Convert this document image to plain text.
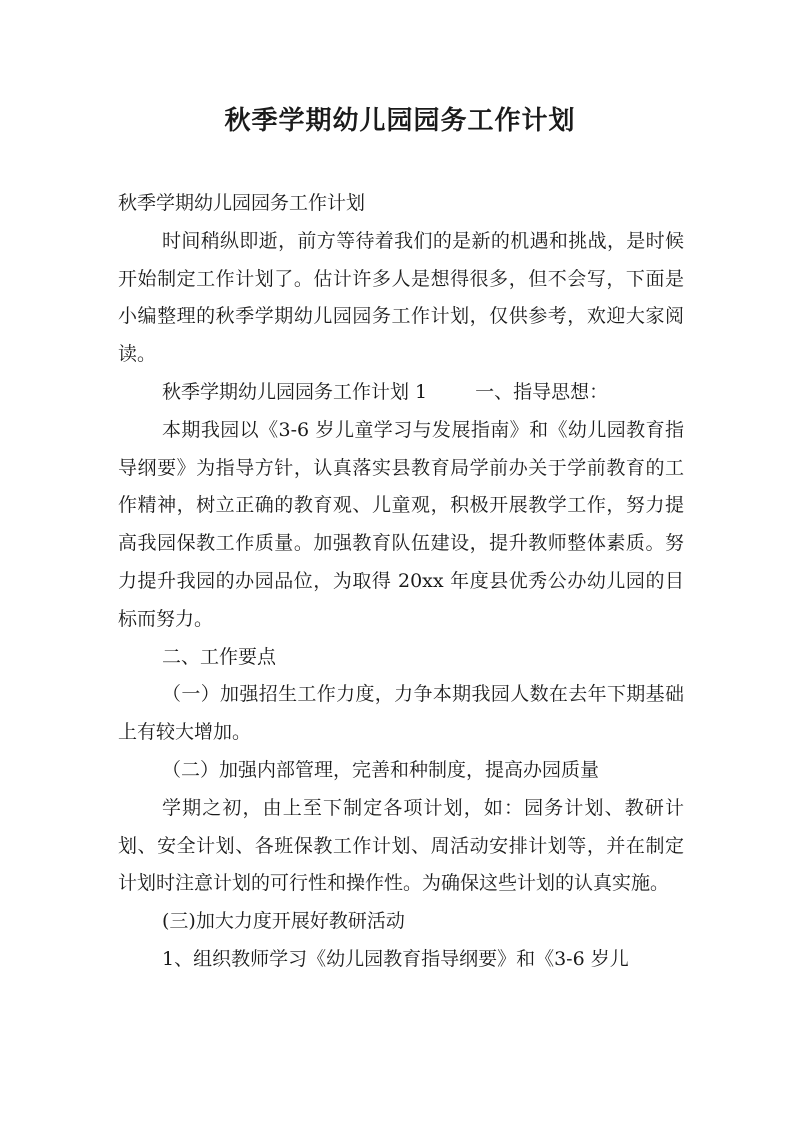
秋季学期幼儿园园务工作计划

秋季学期幼儿园园务工作计划

时间稍纵即逝，前方等待着我们的是新的机遇和挑战，是时候开始制定工作计划了。估计许多人是想得很多，但不会写，下面是小编整理的秋季学期幼儿园园务工作计划，仅供参考，欢迎大家阅读。

秋季学期幼儿园园务工作计划 1	一、指导思想：

本期我园以《3-6 岁儿童学习与发展指南》和《幼儿园教育指导纲要》为指导方针，认真落实县教育局学前办关于学前教育的工作精神，树立正确的教育观、儿童观，积极开展教学工作，努力提高我园保教工作质量。加强教育队伍建设，提升教师整体素质。努力提升我园的办园品位，为取得 20xx 年度县优秀公办幼儿园的目标而努力。

二、工作要点

（一）加强招生工作力度，力争本期我园人数在去年下期基础上有较大增加。

（二）加强内部管理，完善和种制度，提高办园质量

学期之初，由上至下制定各项计划，如：园务计划、教研计划、安全计划、各班保教工作计划、周活动安排计划等，并在制定计划时注意计划的可行性和操作性。为确保这些计划的认真实施。

(三)加大力度开展好教研活动

1、组织教师学习《幼儿园教育指导纲要》和《3-6 岁儿
